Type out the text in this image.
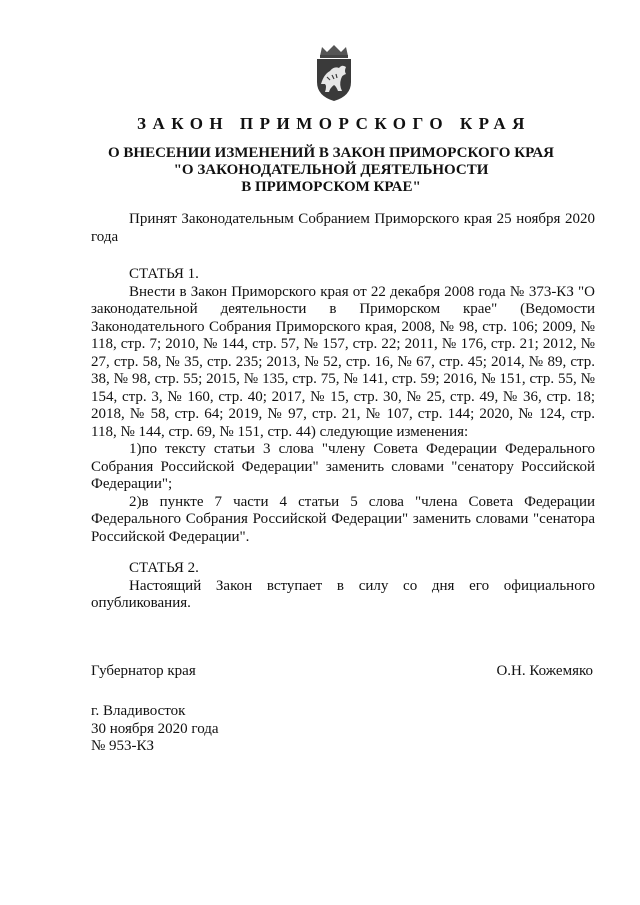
ЗАКОН ПРИМОРСКОГО КРАЯ
О ВНЕСЕНИИ ИЗМЕНЕНИЙ В ЗАКОН ПРИМОРСКОГО КРАЯ
"О ЗАКОНОДАТЕЛЬНОЙ ДЕЯТЕЛЬНОСТИ
В ПРИМОРСКОМ КРАЕ"

Принят Законодательным Собранием Приморского края 25 ноября 2020 года

СТАТЬЯ 1.

Внести в Закон Приморского края от 22 декабря 2008 года № 373-КЗ "О законодательной деятельности в Приморском крае" (Ведомости Законодательного Собрания Приморского края, 2008, № 98, стр. 106; 2009, № 118, стр. 7; 2010, № 144, стр. 57, № 157, стр. 22; 2011, № 176, стр. 21; 2012, № 27, стр. 58, № 35, стр. 235; 2013, № 52, стр. 16, № 67, стр. 45; 2014, № 89, стр. 38, № 98, стр. 55; 2015, № 135, стр. 75, № 141, стр. 59; 2016, № 151, стр. 55, № 154, стр. 3, № 160, стр. 40; 2017, № 15, стр. 30, № 25, стр. 49, № 36, стр. 18; 2018, № 58, стр. 64; 2019, № 97, стр. 21, № 107, стр. 144; 2020, № 124, стр. 118, № 144, стр. 69, № 151, стр. 44) следующие изменения:

1)по тексту статьи 3 слова "члену Совета Федерации Федерального Собрания Российской Федерации" заменить словами "сенатору Российской Федерации";

2)в пункте 7 части 4 статьи 5 слова "члена Совета Федерации Федерального Собрания Российской Федерации" заменить словами "сенатора Российской Федерации".

СТАТЬЯ 2.

Настоящий Закон вступает в силу со дня его официального опубликования.

Губернатор края	О.Н. Кожемяко
г. Владивосток
30 ноября 2020 года
№ 953-КЗ
